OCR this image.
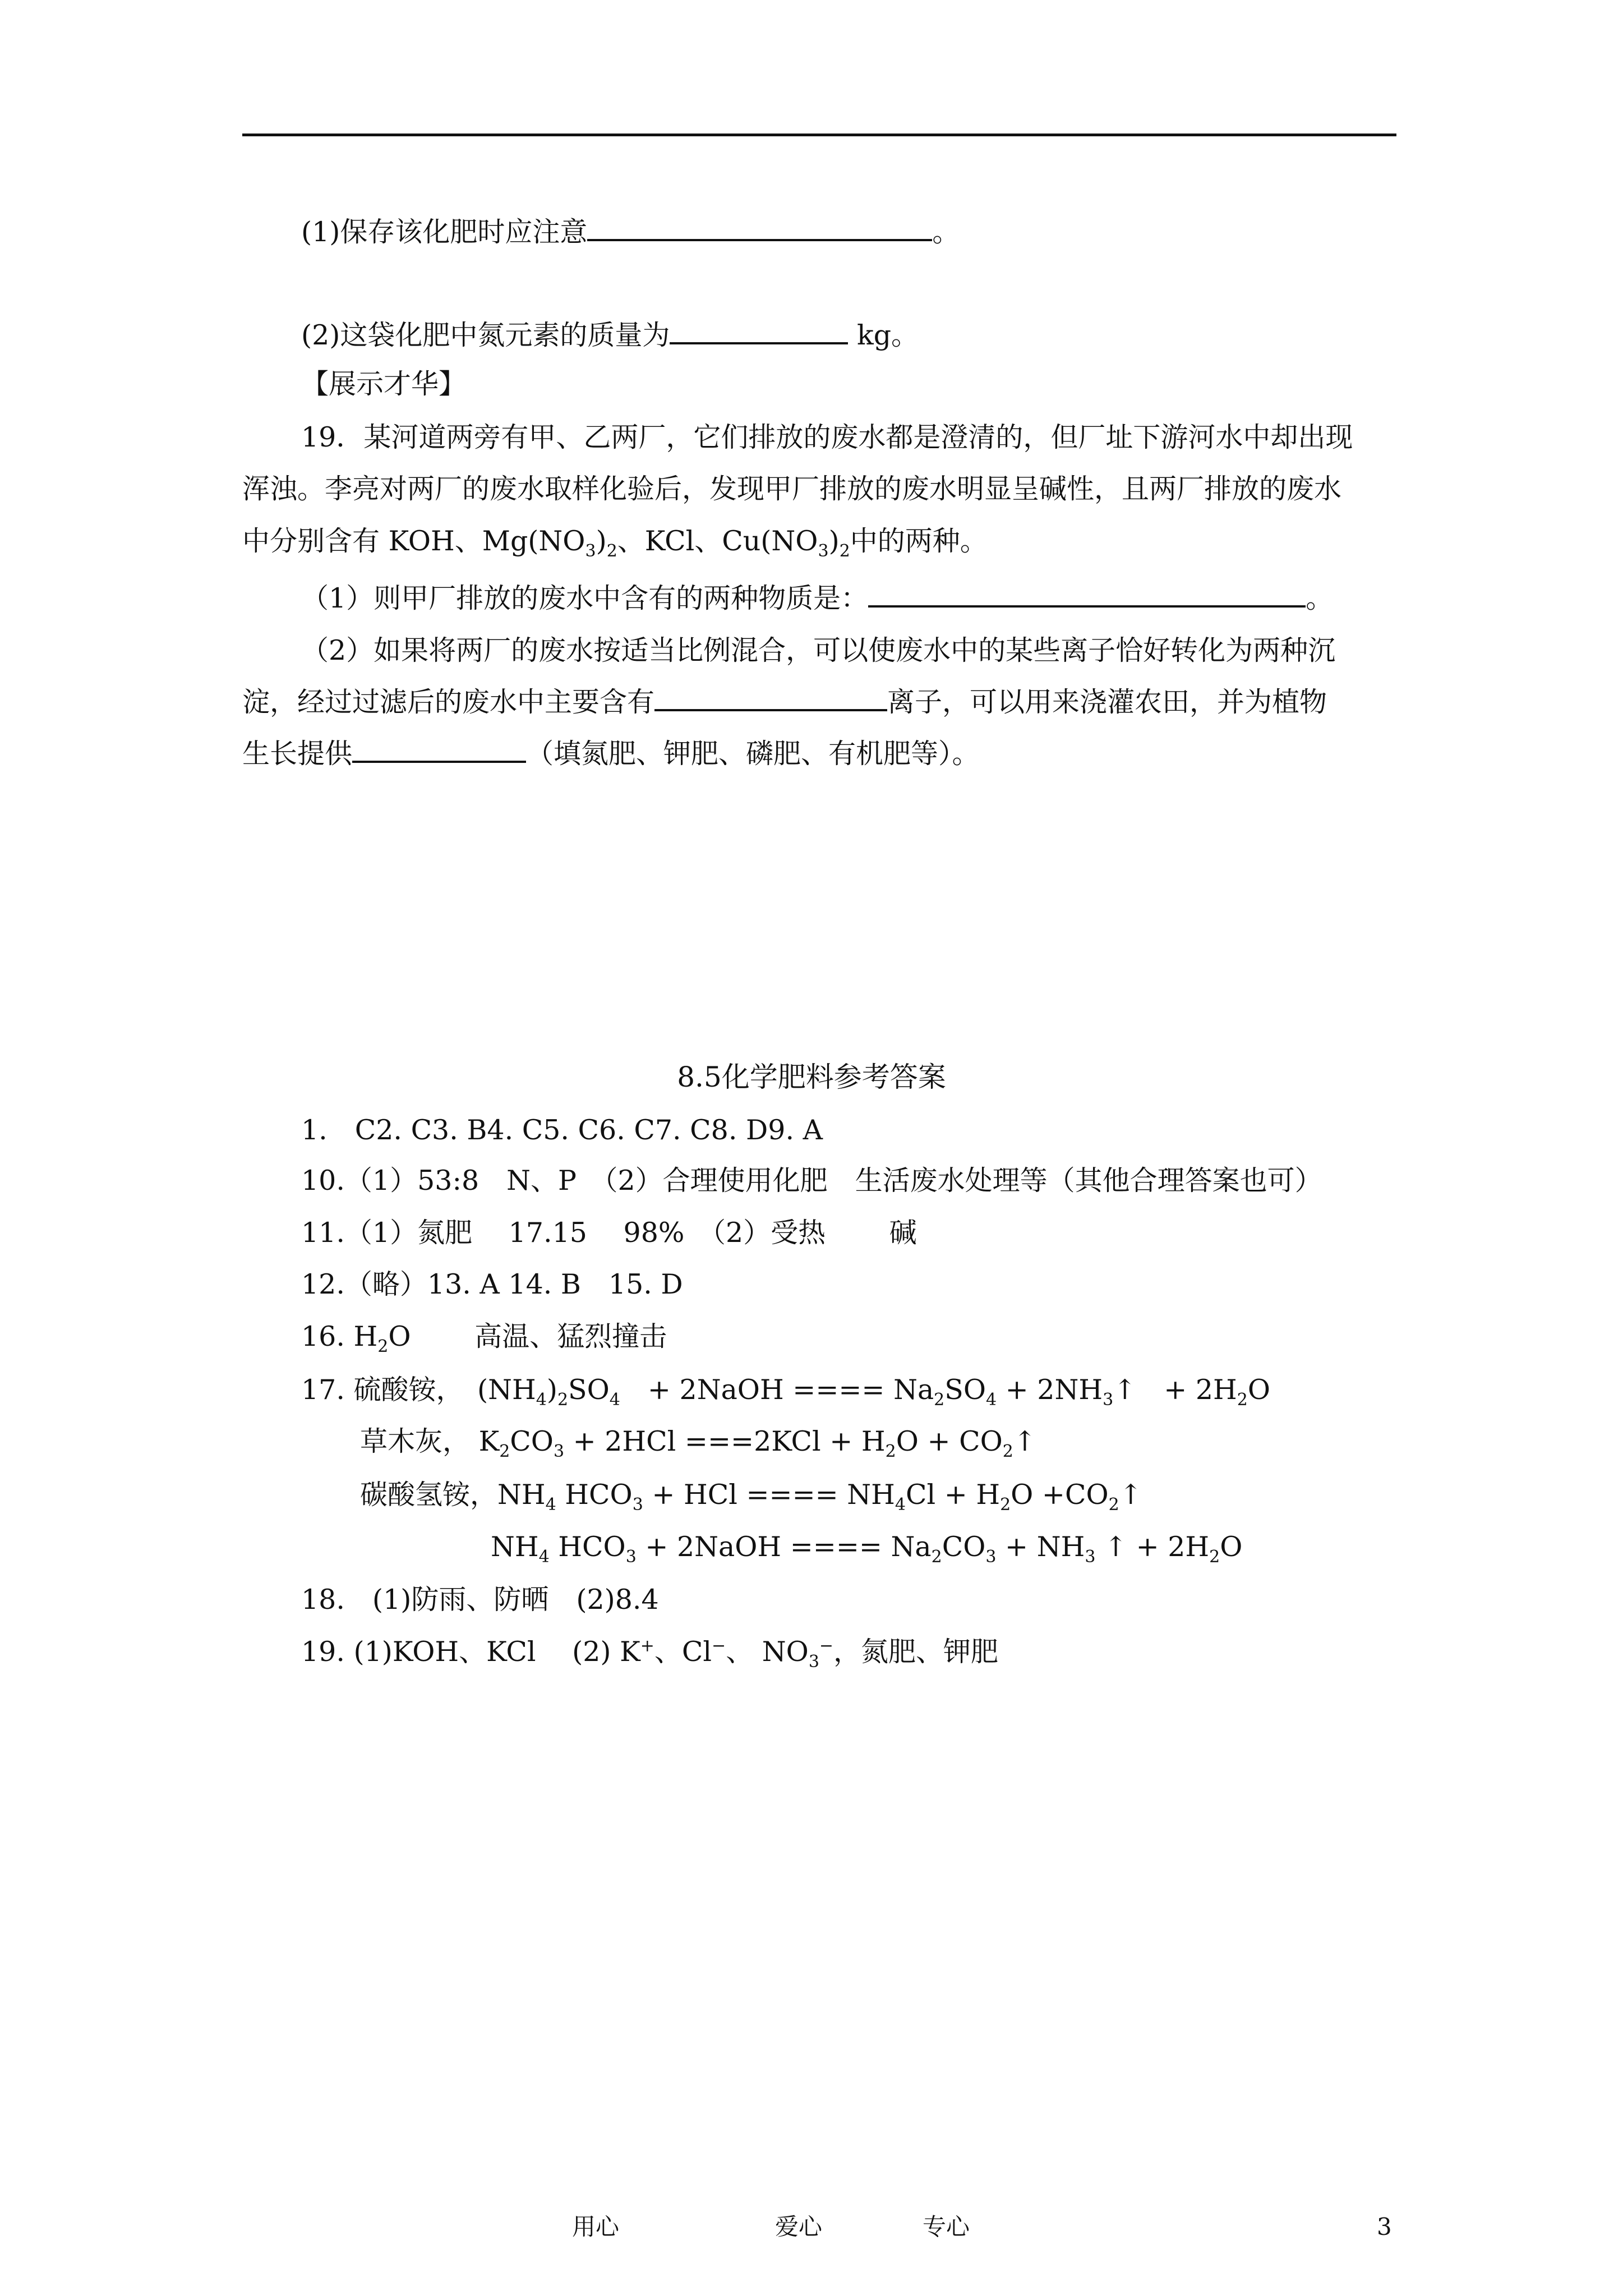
(1)保存该化肥时应注意	。
(2)这袋化肥中氮元素的质量为	kg。
【展示才华】
19．某河道两旁有甲、乙两厂，它们排放的废水都是澄清的，但厂址下游河水中却出现
浑浊。李亮对两厂的废水取样化验后，发现甲厂排放的废水明显呈碱性，且两厂排放的废水
中分别含有 KOH、$Mg(NO_3)_2$、KCl、$Cu(NO_3)_2$中的两种。
（1）则甲厂排放的废水中含有的两种物质是：	。
（2）如果将两厂的废水按适当比例混合，可以使废水中的某些离子恰好转化为两种沉
淀，经过过滤后的废水中主要含有	离子，可以用来浇灌农田，并为植物
生长提供	（填氮肥、钾肥、磷肥、有机肥等）。
8.5化学肥料参考答案
1.　C2. C3. B4. C5. C6. C7. C8. D9. A
10.（1）53:8　N、P　（2）合理使用化肥　生活废水处理等（其他合理答案也可）
11.（1）氮肥　 17.15　 98%　（2）受热　　 碱
12.（略）13. A 14. B　15. D
16. $H_2O$　　 高温、猛烈撞击
17. 硫酸铵，　$(NH_4)_2SO_4$　+ 2NaOH ==== $Na_2SO_4$ + $2NH_3↑$　+ $2H_2O$
草木灰， $K_2CO_3 + 2HCl ===2KCl + H_2O$ + $CO_2↑$
碳酸氢铵，$NH_4$ $HCO_3$ + HCl ==== $NH_4Cl + H_2O$ $+CO_2↑$
$NH_4$ $HCO_3$ + 2NaOH ==== $Na_2CO_3 + NH_3$ ↑ + $2H_2O$
18.　(1)防雨、防晒　(2)8.4
19. (1)KOH、KCl　 (2) K+、Cl−、 $NO_3^-$，氮肥、钾肥
用心	爱心	专心	3
